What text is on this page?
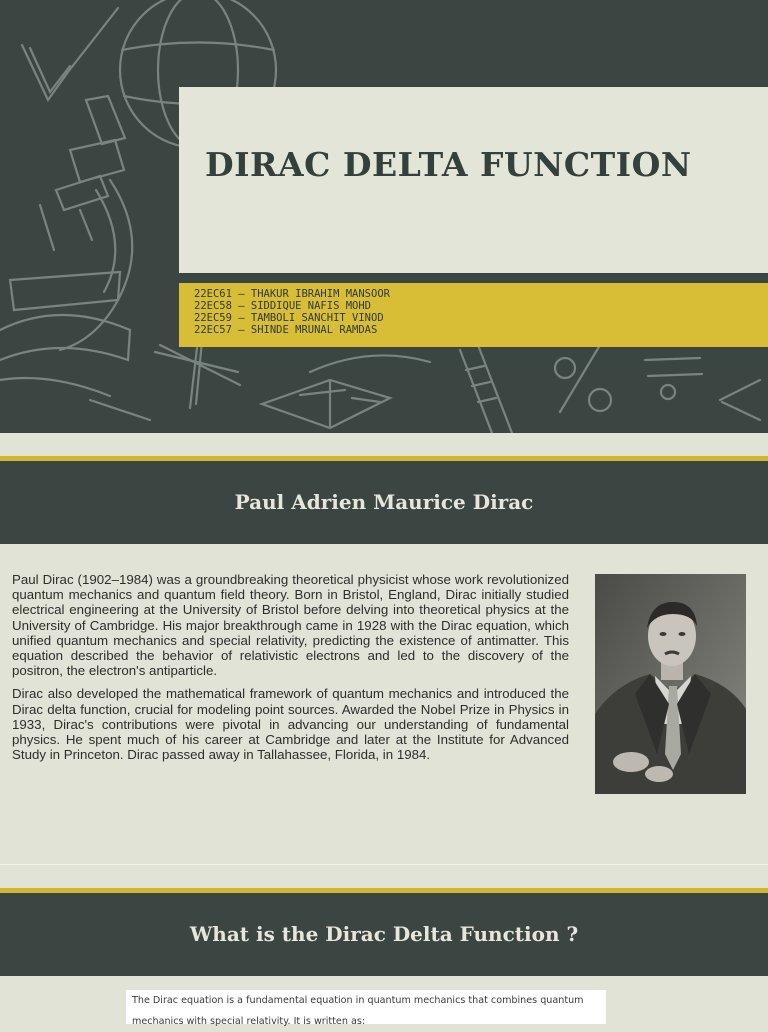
DIRAC DELTA FUNCTION
22EC61 – THAKUR IBRAHIM MANSOOR
22EC58 – SIDDIQUE NAFIS MOHD
22EC59 – TAMBOLI SANCHIT VINOD
22EC57 – SHINDE MRUNAL RAMDAS
Paul Adrien Maurice Dirac

Paul Dirac (1902–1984) was a groundbreaking theoretical physicist whose work revolutionized quantum mechanics and quantum field theory. Born in Bristol, England, Dirac initially studied electrical engineering at the University of Bristol before delving into theoretical physics at the University of Cambridge. His major breakthrough came in 1928 with the Dirac equation, which unified quantum mechanics and special relativity, predicting the existence of antimatter. This equation described the behavior of relativistic electrons and led to the discovery of the positron, the electron's antiparticle.

Dirac also developed the mathematical framework of quantum mechanics and introduced the Dirac delta function, crucial for modeling point sources. Awarded the Nobel Prize in Physics in 1933, Dirac's contributions were pivotal in advancing our understanding of fundamental physics. He spent much of his career at Cambridge and later at the Institute for Advanced Study in Princeton. Dirac passed away in Tallahassee, Florida, in 1984.

What is the Dirac Delta Function ?

The Dirac equation is a fundamental equation in quantum mechanics that combines quantum

mechanics with special relativity. It is written as:
